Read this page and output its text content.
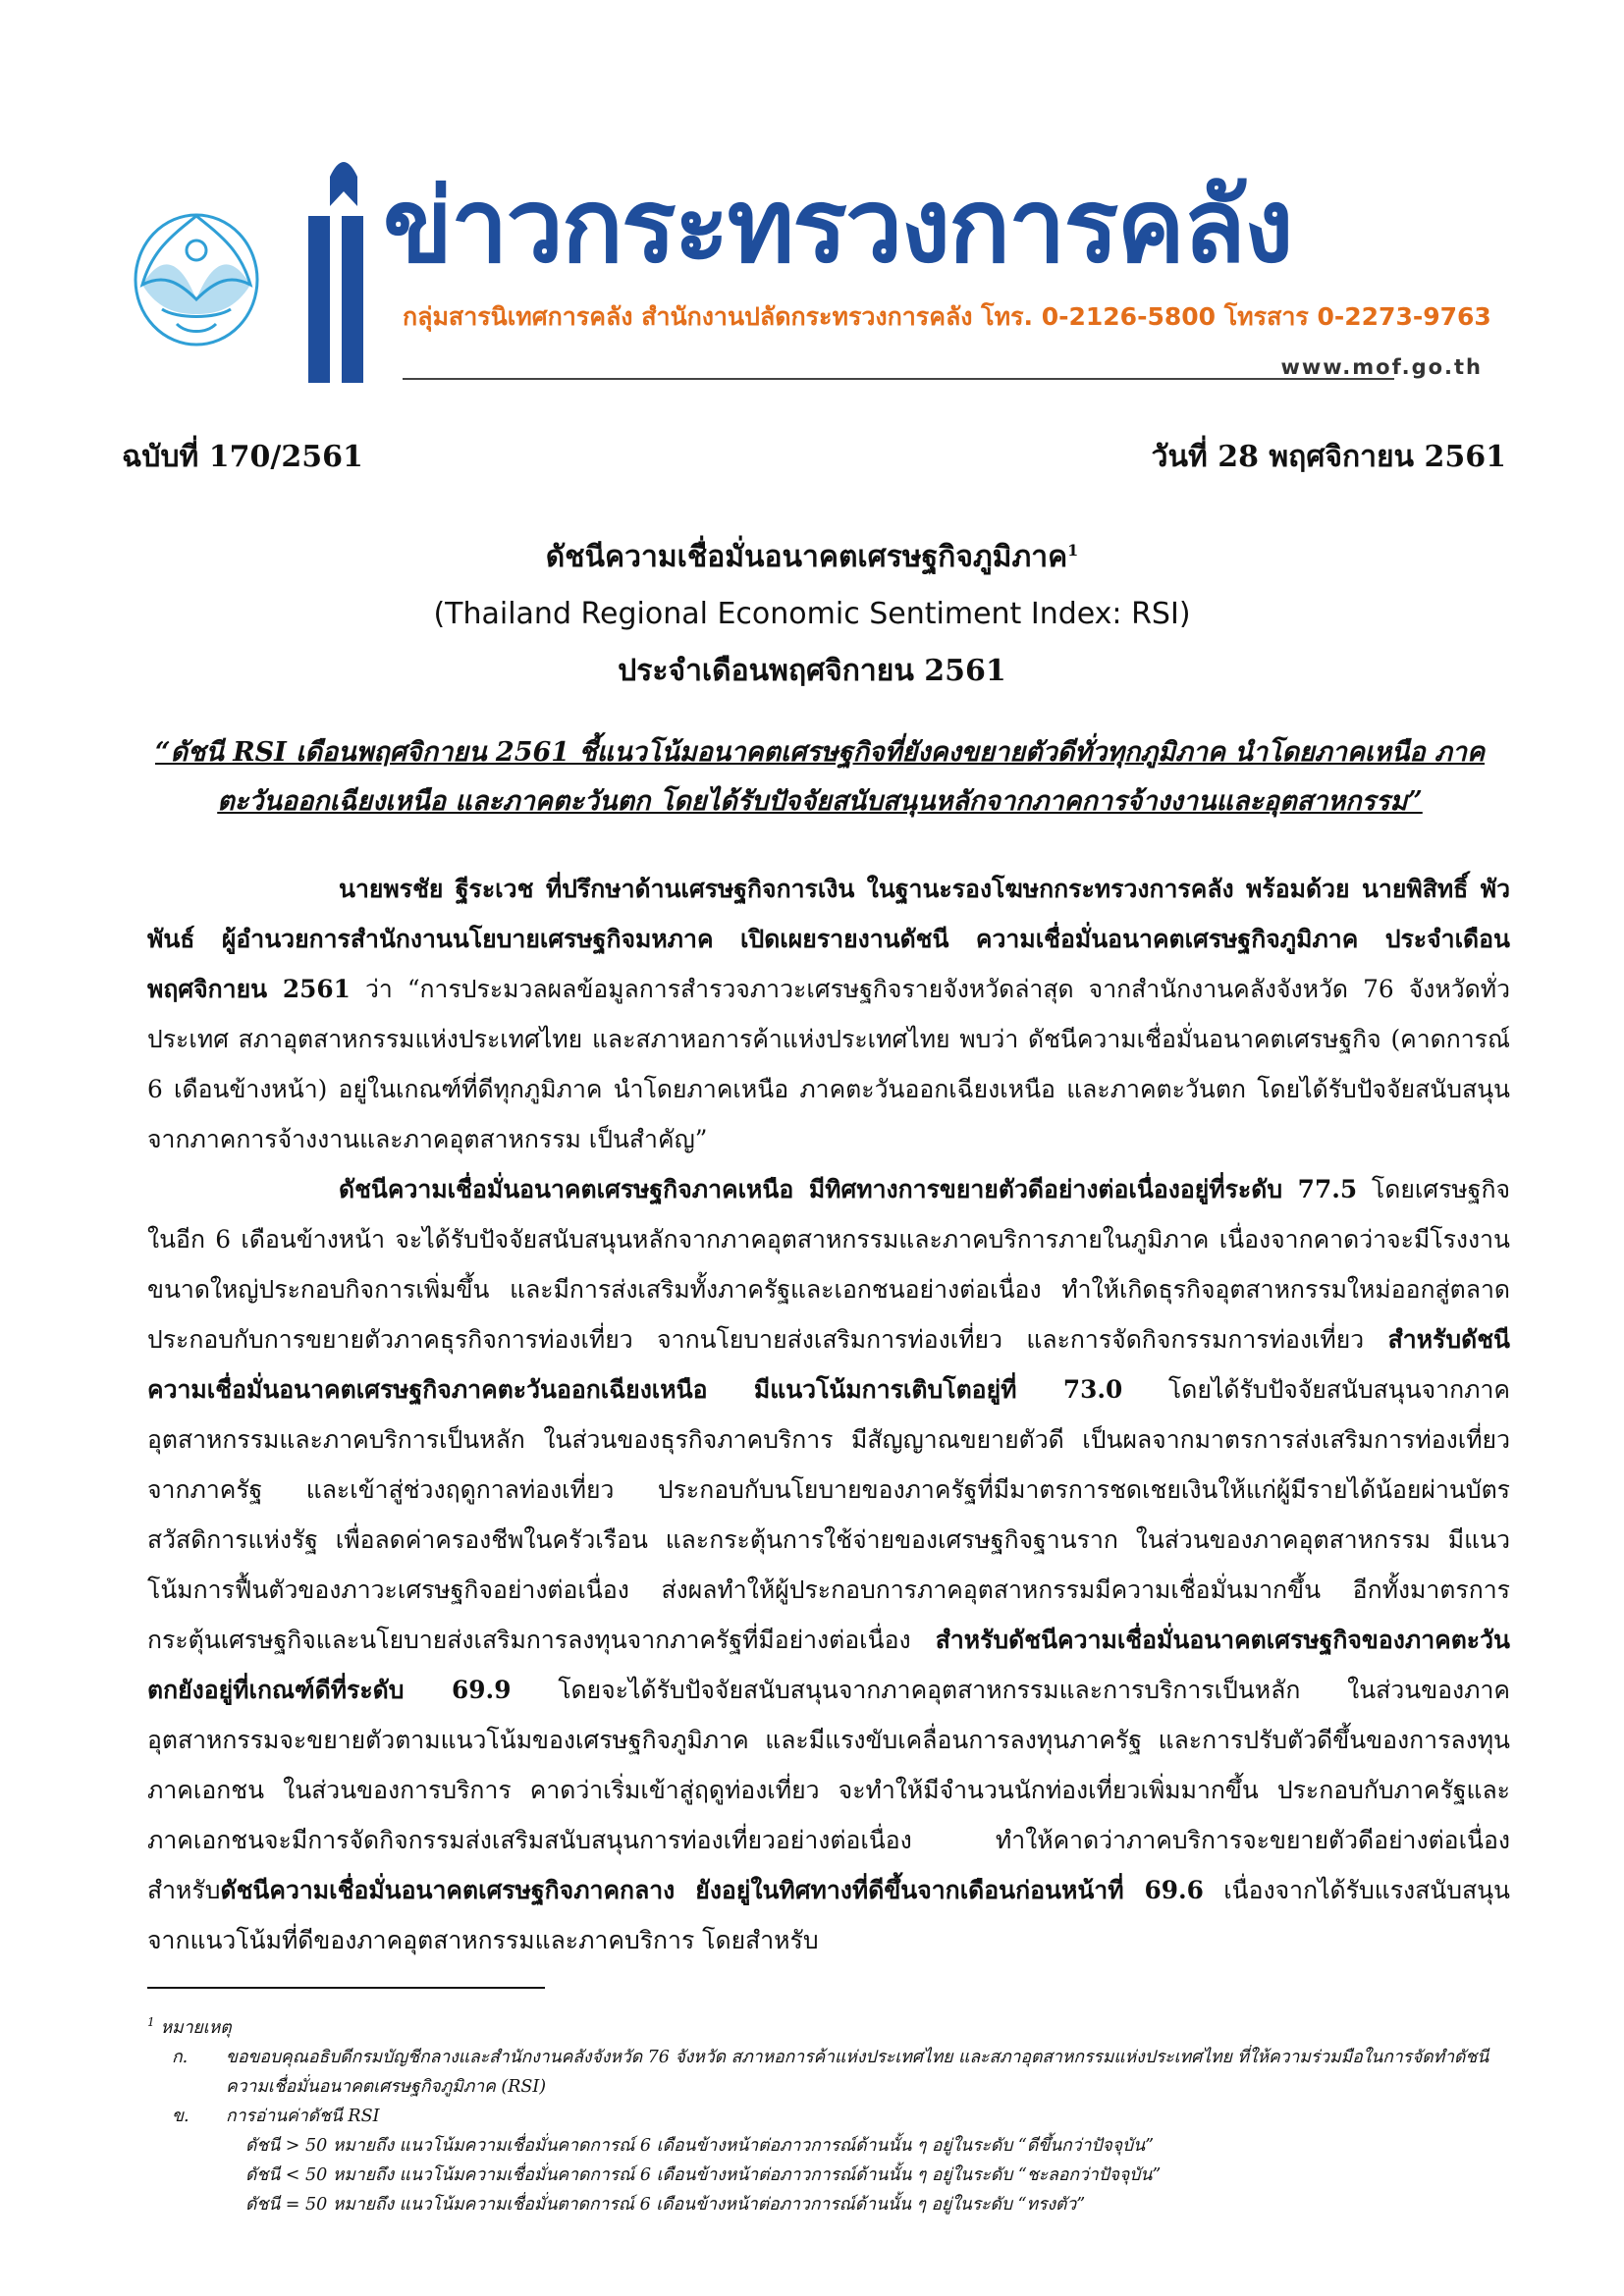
ข่าวกระทรวงการคลัง
กลุ่มสารนิเทศการคลัง สำนักงานปลัดกระทรวงการคลัง โทร. 0-2126-5800 โทรสาร 0-2273-9763
www.mof.go.th
ฉบับที่ 170/2561	วันที่ 28 พฤศจิกายน 2561
ดัชนีความเชื่อมั่นอนาคตเศรษฐกิจภูมิภาค$^1$
(Thailand Regional Economic Sentiment Index: RSI)
ประจำเดือนพฤศจิกายน 2561
“ดัชนี RSI เดือนพฤศจิกายน 2561 ชี้แนวโน้มอนาคตเศรษฐกิจที่ยังคงขยายตัวดีทั่วทุกภูมิภาค นำโดยภาคเหนือ ภาคตะวันออกเฉียงเหนือ และภาคตะวันตก โดยได้รับปัจจัยสนับสนุนหลักจากภาคการจ้างงานและอุตสาหกรรม”

นายพรชัย ฐีระเวช ที่ปรึกษาด้านเศรษฐกิจการเงิน ในฐานะรองโฆษกกระทรวงการคลัง พร้อมด้วย นายพิสิทธิ์ พัวพันธ์ ผู้อำนวยการสำนักงานนโยบายเศรษฐกิจมหภาค เปิดเผยรายงานดัชนี ความเชื่อมั่นอนาคตเศรษฐกิจภูมิภาค ประจำเดือนพฤศจิกายน 2561 ว่า “การประมวลผลข้อมูลการสำรวจภาวะเศรษฐกิจรายจังหวัดล่าสุด จากสำนักงานคลังจังหวัด 76 จังหวัดทั่วประเทศ สภาอุตสาหกรรมแห่งประเทศไทย และสภาหอการค้าแห่งประเทศไทย พบว่า ดัชนีความเชื่อมั่นอนาคตเศรษฐกิจ (คาดการณ์ 6 เดือนข้างหน้า) อยู่ในเกณฑ์ที่ดีทุกภูมิภาค นำโดยภาคเหนือ ภาคตะวันออกเฉียงเหนือ และภาคตะวันตก โดยได้รับปัจจัยสนับสนุนจากภาคการจ้างงานและภาคอุตสาหกรรม เป็นสำคัญ”

ดัชนีความเชื่อมั่นอนาคตเศรษฐกิจภาคเหนือ มีทิศทางการขยายตัวดีอย่างต่อเนื่องอยู่ที่ระดับ 77.5 โดยเศรษฐกิจในอีก 6 เดือนข้างหน้า จะได้รับปัจจัยสนับสนุนหลักจากภาคอุตสาหกรรมและภาคบริการภายในภูมิภาค เนื่องจากคาดว่าจะมีโรงงานขนาดใหญ่ประกอบกิจการเพิ่มขึ้น และมีการส่งเสริมทั้งภาครัฐและเอกชนอย่างต่อเนื่อง ทำให้เกิดธุรกิจอุตสาหกรรมใหม่ออกสู่ตลาด ประกอบกับการขยายตัวภาคธุรกิจการท่องเที่ยว จากนโยบายส่งเสริมการท่องเที่ยว และการจัดกิจกรรมการท่องเที่ยว สำหรับดัชนีความเชื่อมั่นอนาคตเศรษฐกิจภาคตะวันออกเฉียงเหนือ มีแนวโน้มการเติบโตอยู่ที่ 73.0 โดยได้รับปัจจัยสนับสนุนจากภาคอุตสาหกรรมและภาคบริการเป็นหลัก ในส่วนของธุรกิจภาคบริการ มีสัญญาณขยายตัวดี เป็นผลจากมาตรการส่งเสริมการท่องเที่ยวจากภาครัฐ และเข้าสู่ช่วงฤดูกาลท่องเที่ยว ประกอบกับนโยบายของภาครัฐที่มีมาตรการชดเชยเงินให้แก่ผู้มีรายได้น้อยผ่านบัตรสวัสดิการแห่งรัฐ เพื่อลดค่าครองชีพในครัวเรือน และกระตุ้นการใช้จ่ายของเศรษฐกิจฐานราก ในส่วนของภาคอุตสาหกรรม มีแนวโน้มการฟื้นตัวของภาวะเศรษฐกิจอย่างต่อเนื่อง ส่งผลทำให้ผู้ประกอบการภาคอุตสาหกรรมมีความเชื่อมั่นมากขึ้น อีกทั้งมาตรการกระตุ้นเศรษฐกิจและนโยบายส่งเสริมการลงทุนจากภาครัฐที่มีอย่างต่อเนื่อง สำหรับดัชนีความเชื่อมั่นอนาคตเศรษฐกิจของภาคตะวันตกยังอยู่ที่เกณฑ์ดีที่ระดับ 69.9 โดยจะได้รับปัจจัยสนับสนุนจากภาคอุตสาหกรรมและการบริการเป็นหลัก ในส่วนของภาคอุตสาหกรรมจะขยายตัวตามแนวโน้มของเศรษฐกิจภูมิภาค และมีแรงขับเคลื่อนการลงทุนภาครัฐ และการปรับตัวดีขึ้นของการลงทุนภาคเอกชน ในส่วนของการบริการ คาดว่าเริ่มเข้าสู่ฤดูท่องเที่ยว จะทำให้มีจำนวนนักท่องเที่ยวเพิ่มมากขึ้น ประกอบกับภาครัฐและภาคเอกชนจะมีการจัดกิจกรรมส่งเสริมสนับสนุนการท่องเที่ยวอย่างต่อเนื่อง ทำให้คาดว่าภาคบริการจะขยายตัวดีอย่างต่อเนื่อง สำหรับดัชนีความเชื่อมั่นอนาคตเศรษฐกิจภาคกลาง ยังอยู่ในทิศทางที่ดีขึ้นจากเดือนก่อนหน้าที่ 69.6 เนื่องจากได้รับแรงสนับสนุนจากแนวโน้มที่ดีของภาคอุตสาหกรรมและภาคบริการ โดยสำหรับ

$^1$ หมายเหตุ
ก. ขอขอบคุณอธิบดีกรมบัญชีกลางและสำนักงานคลังจังหวัด 76 จังหวัด สภาหอการค้าแห่งประเทศไทย และสภาอุตสาหกรรมแห่งประเทศไทย ที่ให้ความร่วมมือในการจัดทำดัชนีความเชื่อมั่นอนาคตเศรษฐกิจภูมิภาค (RSI)
ข. การอ่านค่าดัชนี RSI
ดัชนี > 50 หมายถึง แนวโน้มความเชื่อมั่นคาดการณ์ 6 เดือนข้างหน้าต่อภาวการณ์ด้านนั้น ๆ อยู่ในระดับ “ดีขึ้นกว่าปัจจุบัน”
ดัชนี < 50 หมายถึง แนวโน้มความเชื่อมั่นคาดการณ์ 6 เดือนข้างหน้าต่อภาวการณ์ด้านนั้น ๆ อยู่ในระดับ “ชะลอกว่าปัจจุบัน”
ดัชนี = 50 หมายถึง แนวโน้มความเชื่อมั่นตาดการณ์ 6 เดือนข้างหน้าต่อภาวการณ์ด้านนั้น ๆ อยู่ในระดับ “ทรงตัว”
